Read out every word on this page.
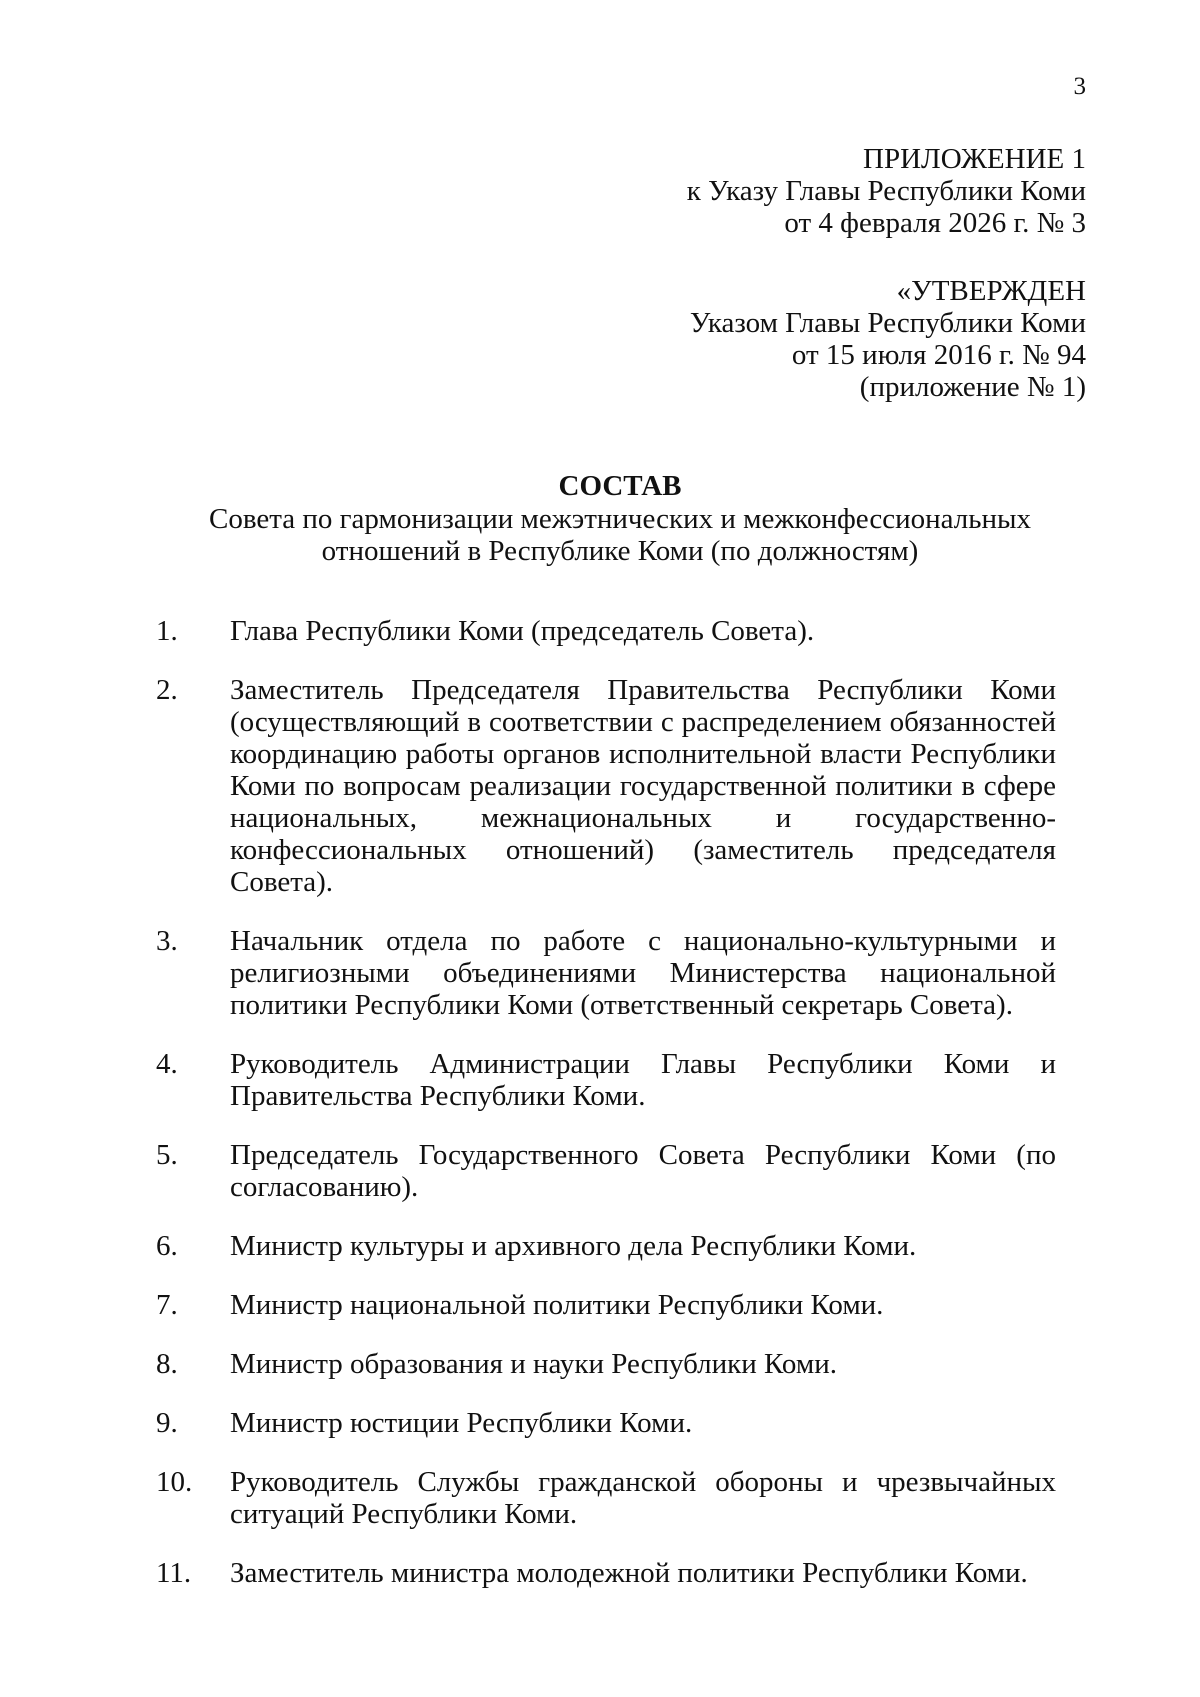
3
ПРИЛОЖЕНИЕ 1
к Указу Главы Республики Коми
от 4 февраля 2026 г. № 3
«УТВЕРЖДЕН
Указом Главы Республики Коми
от 15 июля 2016 г. № 94
(приложение № 1)
СОСТАВ
Совета по гармонизации межэтнических и межконфессиональных
отношений в Республике Коми (по должностям)
1.	Глава Республики Коми (председатель Совета).
2.	Заместитель Председателя Правительства Республики Коми (осуществляющий в соответствии с распределением обязанностей координацию работы органов исполнительной власти Республики Коми по вопросам реализации государственной политики в сфере национальных, межнациональных и государственно-конфессиональных отношений) (заместитель председателя Совета).
3.	Начальник отдела по работе с национально-культурными и религиозными объединениями Министерства национальной политики Республики Коми (ответственный секретарь Совета).
4.	Руководитель Администрации Главы Республики Коми и Правительства Республики Коми.
5.	Председатель Государственного Совета Республики Коми (по согласованию).
6.	Министр культуры и архивного дела Республики Коми.
7.	Министр национальной политики Республики Коми.
8.	Министр образования и науки Республики Коми.
9.	Министр юстиции Республики Коми.
10.	Руководитель Службы гражданской обороны и чрезвычайных ситуаций Республики Коми.
11.	Заместитель министра молодежной политики Республики Коми.
